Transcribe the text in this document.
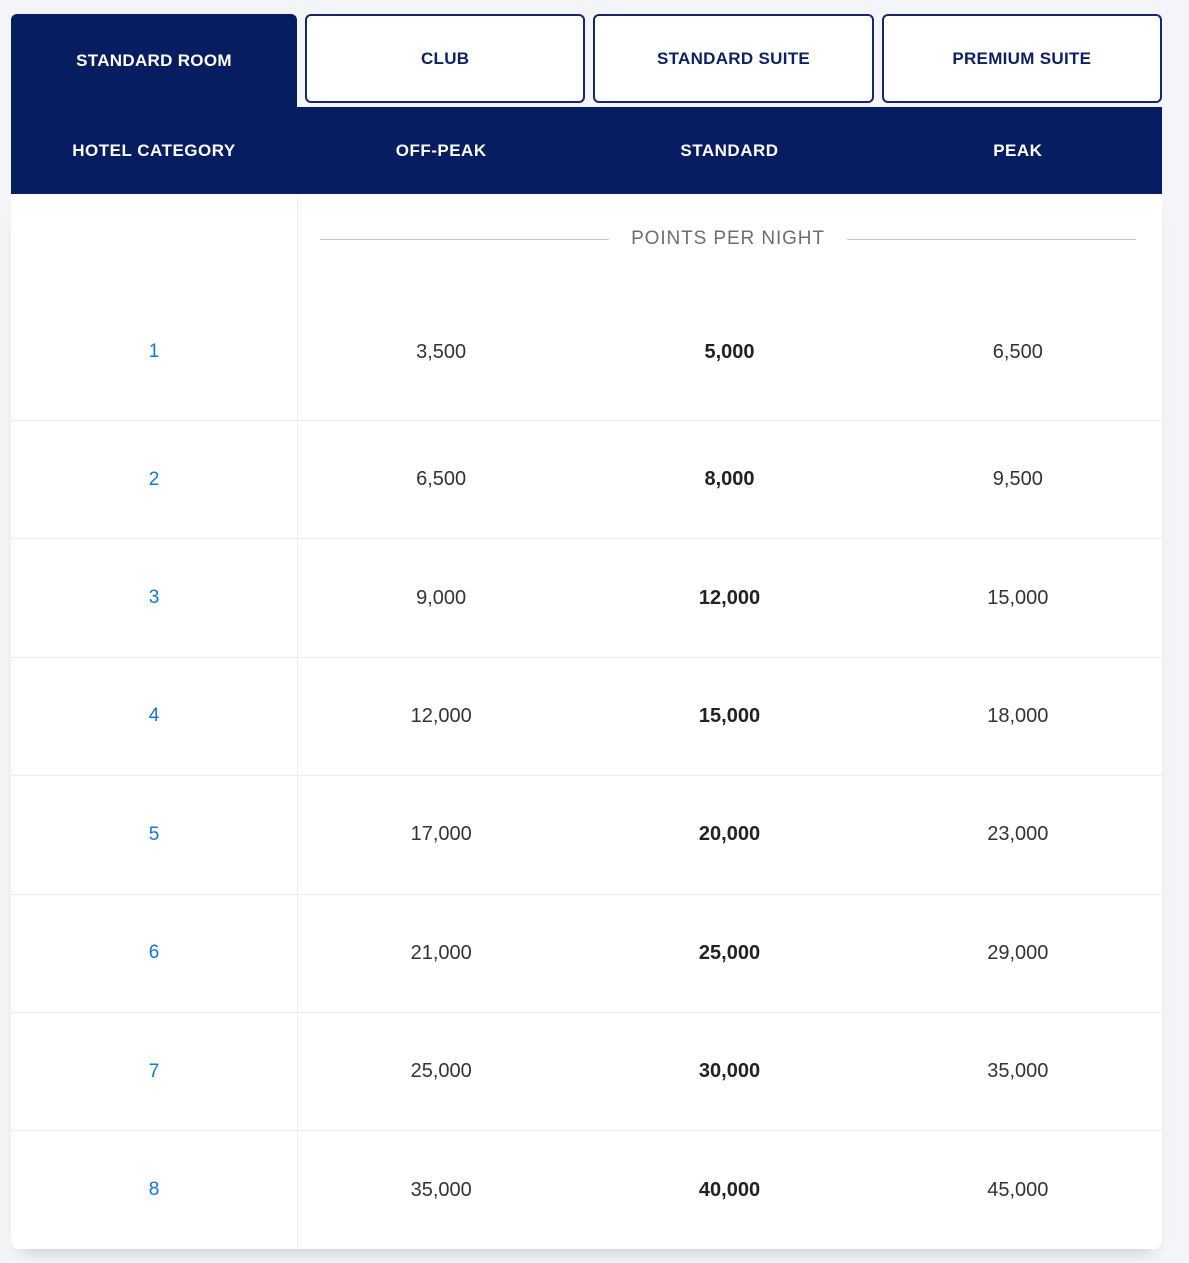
STANDARD ROOM	CLUB	STANDARD SUITE	PREMIUM SUITE
HOTEL CATEGORY	OFF-PEAK	STANDARD	PEAK
POINTS PER NIGHT
1	3,500	5,000	6,500
2	6,500	8,000	9,500
3	9,000	12,000	15,000
4	12,000	15,000	18,000
5	17,000	20,000	23,000
6	21,000	25,000	29,000
7	25,000	30,000	35,000
8	35,000	40,000	45,000
